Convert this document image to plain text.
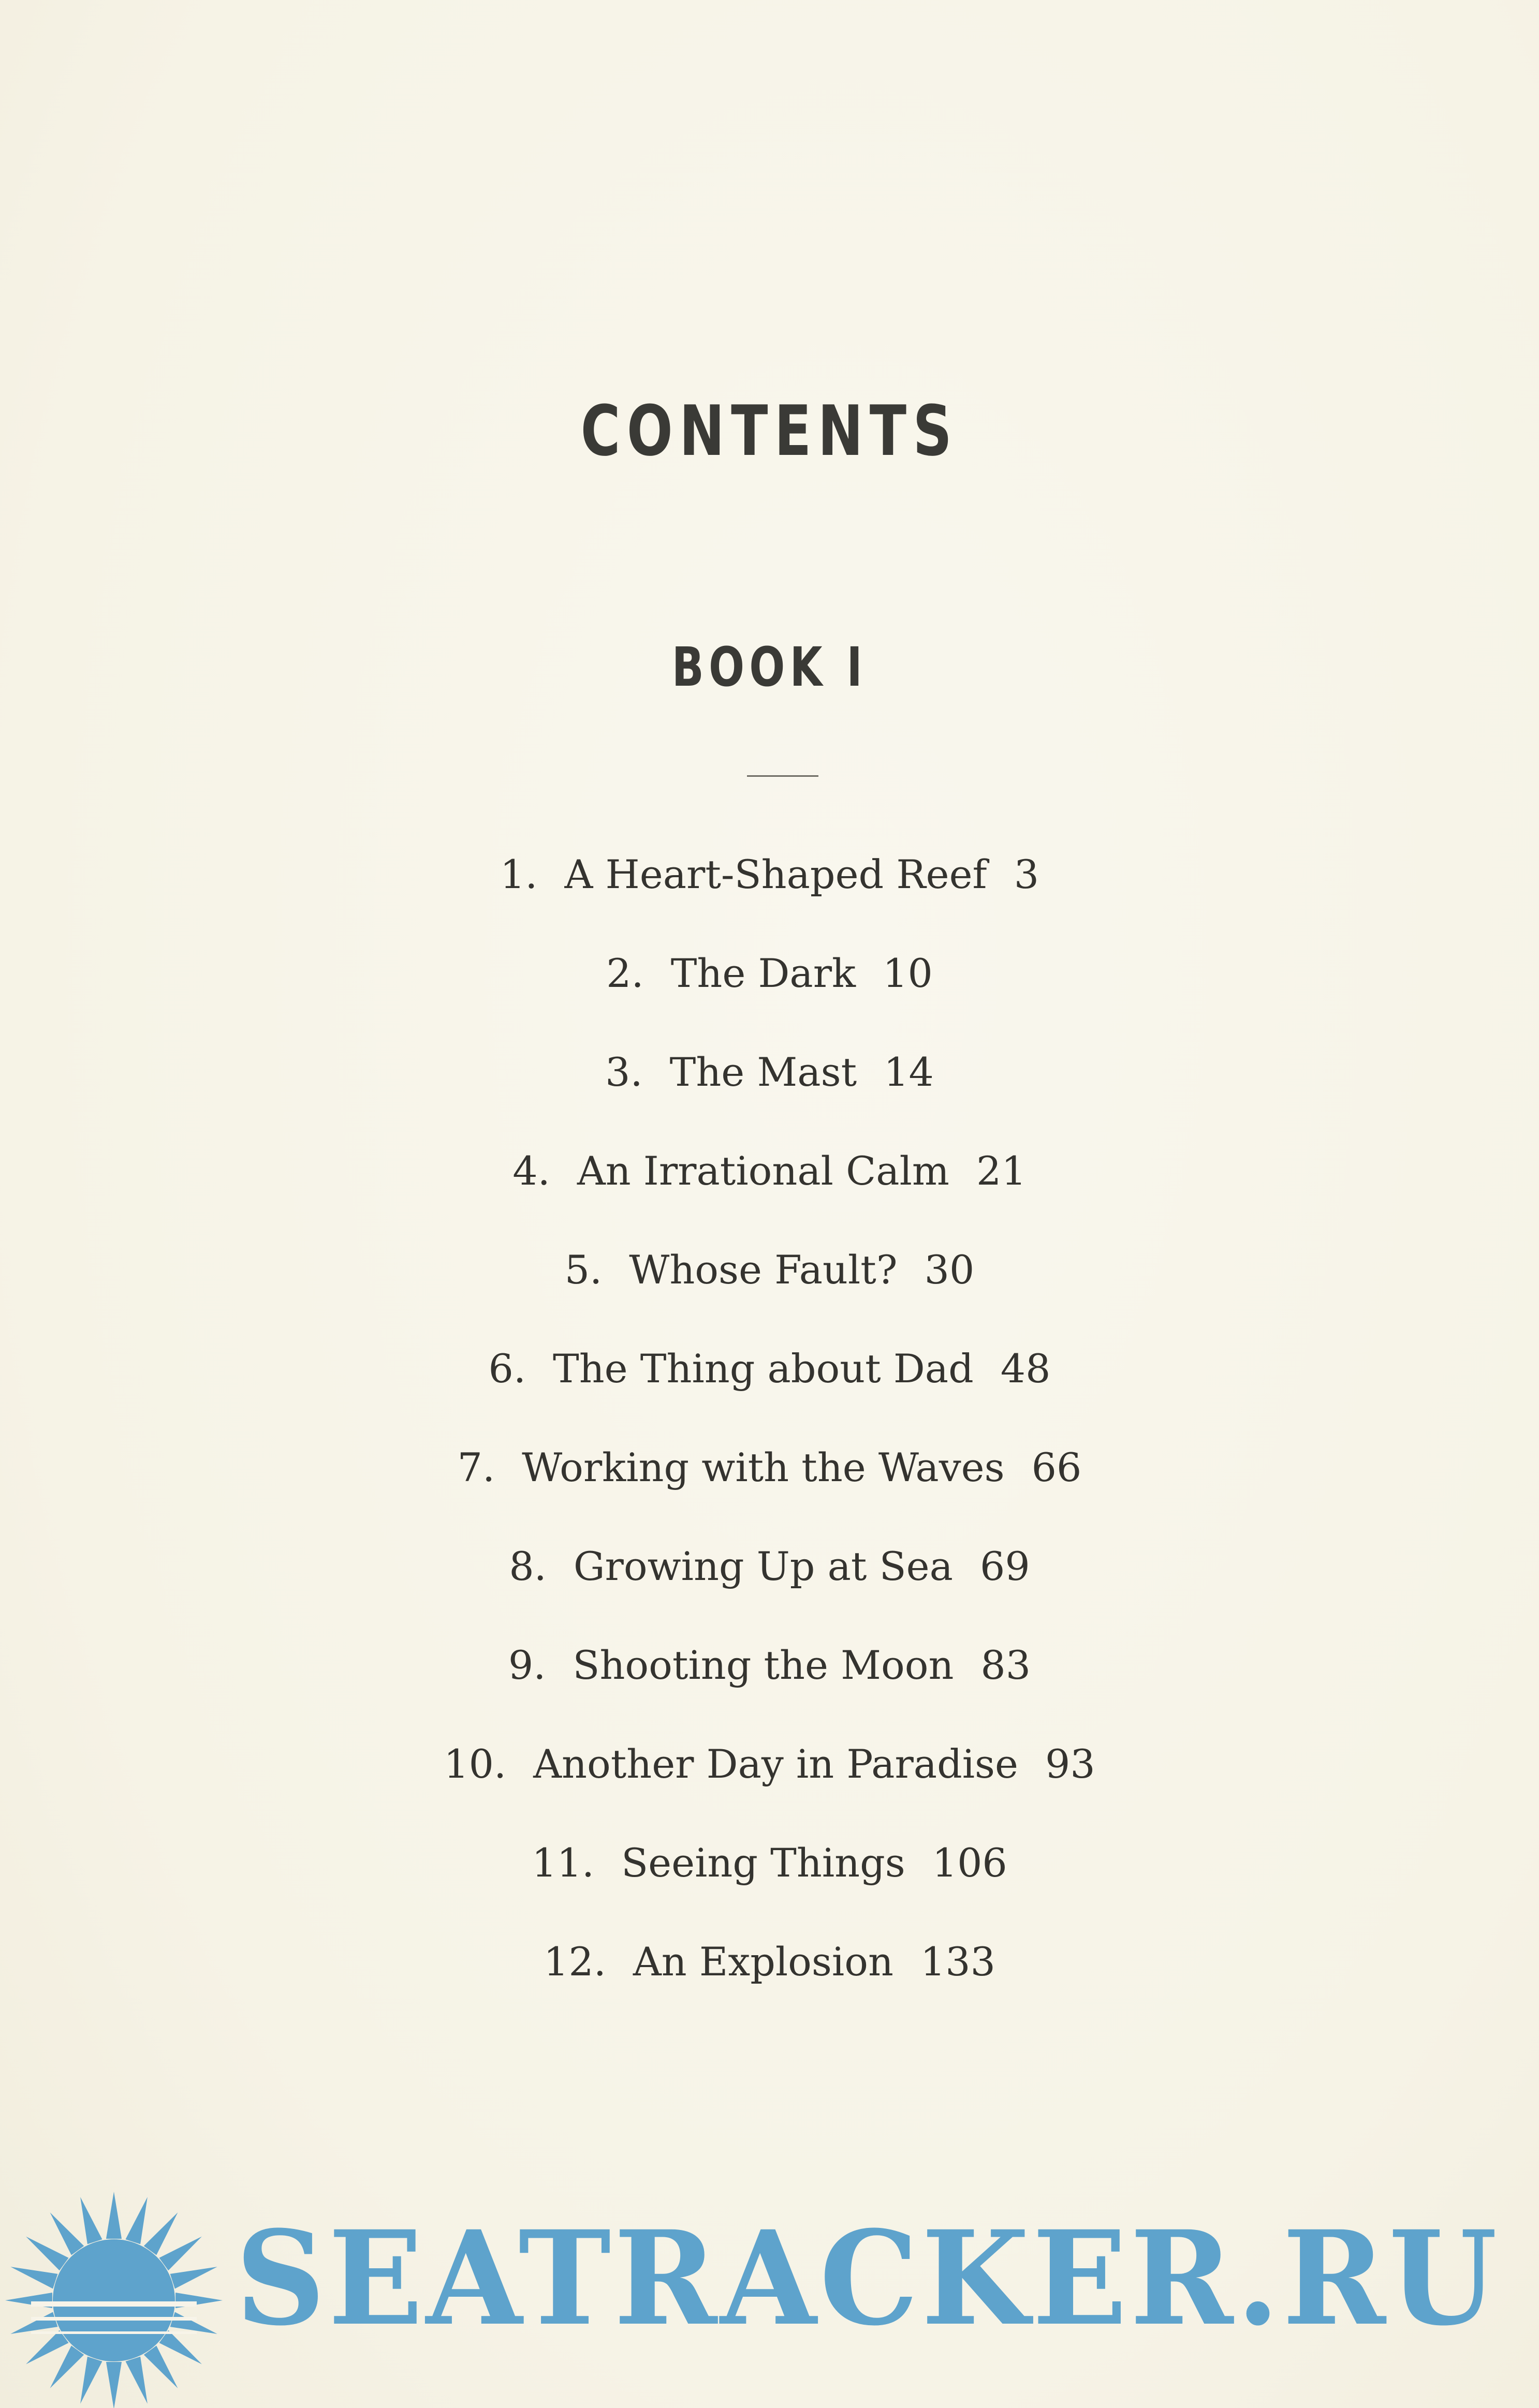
CONTENTS
BOOK I
1. A Heart-Shaped Reef 3
2. The Dark 10
3. The Mast 14
4. An Irrational Calm 21
5. Whose Fault? 30
6. The Thing about Dad 48
7. Working with the Waves 66
8. Growing Up at Sea 69
9. Shooting the Moon 83
10. Another Day in Paradise 93
11. Seeing Things 106
12. An Explosion 133
SEATRACKER.RU
